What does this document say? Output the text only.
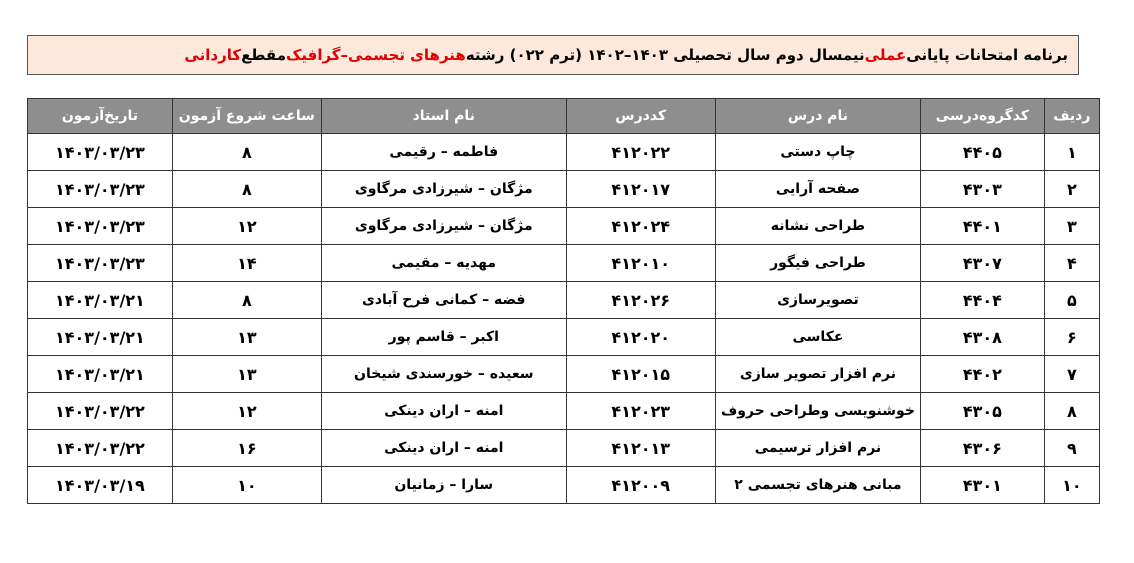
برنامه امتحانات پایانی
عملی
نیمسال دوم سال تحصیلی ۱۴۰۳–۱۴۰۲ (ترم ۰۲۲) رشته
هنرهای تجسمی–گرافیک
مقطع
کاردانی
ردیف	کدگروه‌درسی	نام درس	کددرس	نام استاد	ساعت شروع آزمون	تاریخ‌آزمون
۱	۴۴۰۵	چاپ دستی	۴۱۲۰۲۲	فاطمه – رقیمی	۸	۱۴۰۳/۰۳/۲۳
۲	۴۳۰۳	صفحه آرایی	۴۱۲۰۱۷	مژگان – شیرزادی مرگاوی	۸	۱۴۰۳/۰۳/۲۳
۳	۴۴۰۱	طراحی نشانه	۴۱۲۰۲۴	مژگان – شیرزادی مرگاوی	۱۲	۱۴۰۳/۰۳/۲۳
۴	۴۳۰۷	طراحی فیگور	۴۱۲۰۱۰	مهدیه – مقیمی	۱۴	۱۴۰۳/۰۳/۲۳
۵	۴۴۰۴	تصویرسازی	۴۱۲۰۲۶	فضه – کمانی فرح آبادی	۸	۱۴۰۳/۰۳/۲۱
۶	۴۳۰۸	عکاسی	۴۱۲۰۲۰	اکبر – قاسم پور	۱۳	۱۴۰۳/۰۳/۲۱
۷	۴۴۰۲	نرم افزار تصویر سازی	۴۱۲۰۱۵	سعیده – خورسندی شیخان	۱۳	۱۴۰۳/۰۳/۲۱
۸	۴۳۰۵	خوشنویسی وطراحی حروف	۴۱۲۰۲۳	امنه – اران دینکی	۱۲	۱۴۰۳/۰۳/۲۲
۹	۴۳۰۶	نرم افزار ترسیمی	۴۱۲۰۱۳	امنه – اران دینکی	۱۶	۱۴۰۳/۰۳/۲۲
۱۰	۴۳۰۱	مبانی هنرهای تجسمی ۲	۴۱۲۰۰۹	سارا – زمانیان	۱۰	۱۴۰۳/۰۳/۱۹
